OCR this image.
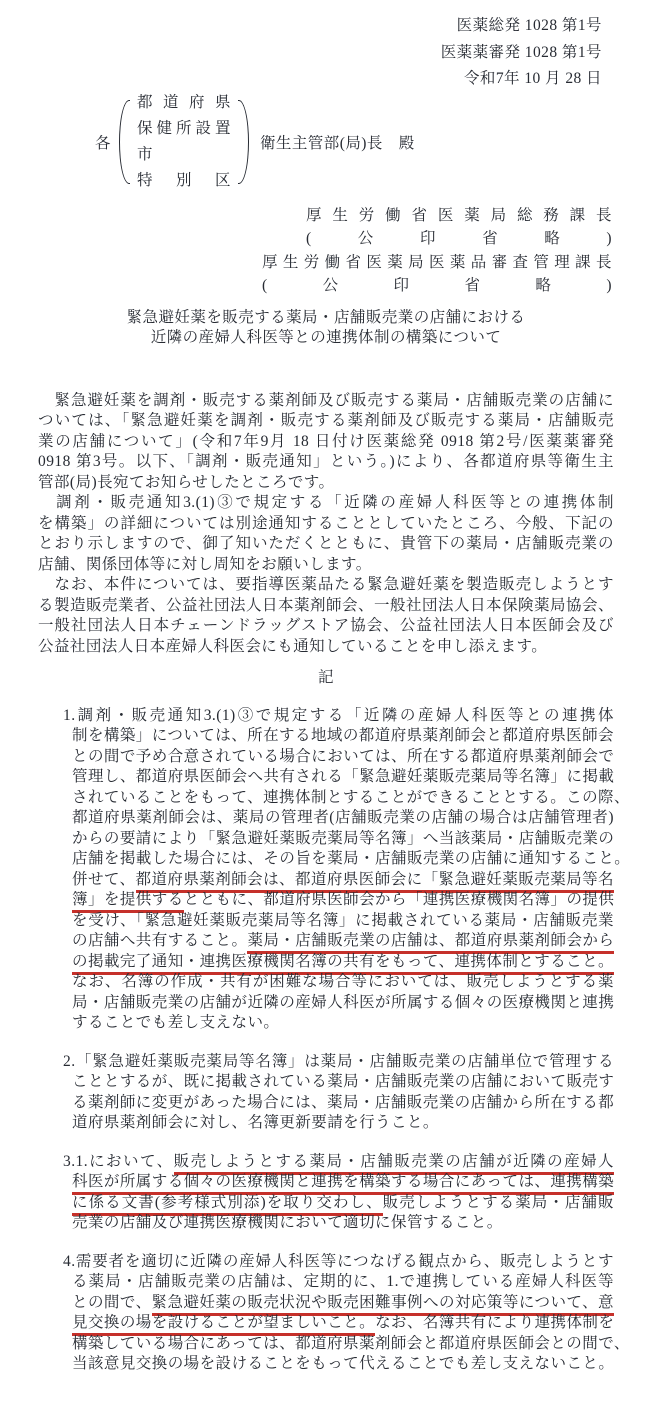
医薬総発 1028 第1号
医薬薬審発 1028 第1号
令和7年 10 月 28 日
各
都道府県
保健所設置市
特別区
衛生主管部(局)長　殿
厚生労働省医薬局総務課長
(公印省略)
厚生労働省医薬局医薬品審査管理課長
(公印省略)
緊急避妊薬を販売する薬局・店舗販売業の店舗における
近隣の産婦人科医等との連携体制の構築について
　緊急避妊薬を調剤・販売する薬剤師及び販売する薬局・店舗販売業の店舗に
ついては、「緊急避妊薬を調剤・販売する薬剤師及び販売する薬局・店舗販売
業の店舗について」(令和7年9月 18 日付け医薬総発 0918 第2号/医薬薬審発
0918 第3号。以下、「調剤・販売通知」という。)により、各都道府県等衛生主
管部(局)長宛てお知らせしたところです。
　調剤・販売通知3.(1)③で規定する「近隣の産婦人科医等との連携体制
を構築」の詳細については別途通知することとしていたところ、今般、下記の
とおり示しますので、御了知いただくとともに、貴管下の薬局・店舗販売業の
店舗、関係団体等に対し周知をお願いします。
　なお、本件については、要指導医薬品たる緊急避妊薬を製造販売しようとす
る製造販売業者、公益社団法人日本薬剤師会、一般社団法人日本保険薬局協会、
一般社団法人日本チェーンドラッグストア協会、公益社団法人日本医師会及び
公益社団法人日本産婦人科医会にも通知していることを申し添えます。
記
1.調剤・販売通知3.(1)③で規定する「近隣の産婦人科医等との連携体
制を構築」については、所在する地域の都道府県薬剤師会と都道府県医師会
との間で予め合意されている場合においては、所在する都道府県薬剤師会で
管理し、都道府県医師会へ共有される「緊急避妊薬販売薬局等名簿」に掲載
されていることをもって、連携体制とすることができることとする。この際、
都道府県薬剤師会は、薬局の管理者(店舗販売業の店舗の場合は店舗管理者)
からの要請により「緊急避妊薬販売薬局等名簿」へ当該薬局・店舗販売業の
店舗を掲載した場合には、その旨を薬局・店舗販売業の店舗に通知すること。
併せて、都道府県薬剤師会は、都道府県医師会に「緊急避妊薬販売薬局等名
簿」を提供するとともに、都道府県医師会から「連携医療機関名簿」の提供
を受け、「緊急避妊薬販売薬局等名簿」に掲載されている薬局・店舗販売業
の店舗へ共有すること。薬局・店舗販売業の店舗は、都道府県薬剤師会から
の掲載完了通知・連携医療機関名簿の共有をもって、連携体制とすること。
なお、名簿の作成・共有が困難な場合等においては、販売しようとする薬
局・店舗販売業の店舗が近隣の産婦人科医が所属する個々の医療機関と連携
することでも差し支えない。
2.「緊急避妊薬販売薬局等名簿」は薬局・店舗販売業の店舗単位で管理する
こととするが、既に掲載されている薬局・店舗販売業の店舗において販売す
る薬剤師に変更があった場合には、薬局・店舗販売業の店舗から所在する都
道府県薬剤師会に対し、名簿更新要請を行うこと。
3.1.において、販売しようとする薬局・店舗販売業の店舗が近隣の産婦人
科医が所属する個々の医療機関と連携を構築する場合にあっては、連携構築
に係る文書(参考様式別添)を取り交わし、販売しようとする薬局・店舗販
売業の店舗及び連携医療機関において適切に保管すること。
4.需要者を適切に近隣の産婦人科医等につなげる観点から、販売しようとす
る薬局・店舗販売業の店舗は、定期的に、1.で連携している産婦人科医等
との間で、緊急避妊薬の販売状況や販売困難事例への対応策等について、意
見交換の場を設けることが望ましいこと。なお、名簿共有により連携体制を
構築している場合にあっては、都道府県薬剤師会と都道府県医師会との間で、
当該意見交換の場を設けることをもって代えることでも差し支えないこと。
